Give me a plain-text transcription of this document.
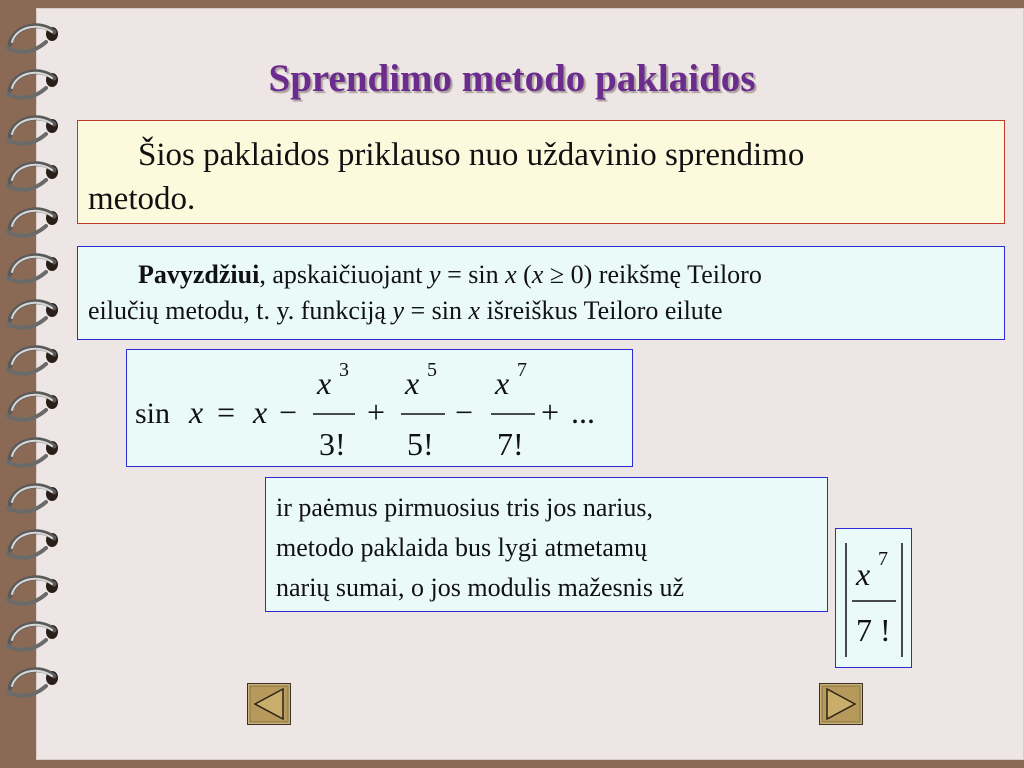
Sprendimo metodo paklaidos
Šios paklaidos priklauso nuo uždavinio sprendimo
metodo.
Pavyzdžiui, apskaičiuojant y = sin x (x ≥ 0) reikšmę Teiloro
eilučių metodu, t. y. funkciją y = sin x išreiškus Teiloro eilute
sin x = x −
x 3
3!
+
x 5
5!
−
x 7
7!
+ ...
ir paėmus pirmuosius tris jos narius,
metodo paklaida bus lygi atmetamų
narių sumai, o jos modulis mažesnis už	x 7
7 !
